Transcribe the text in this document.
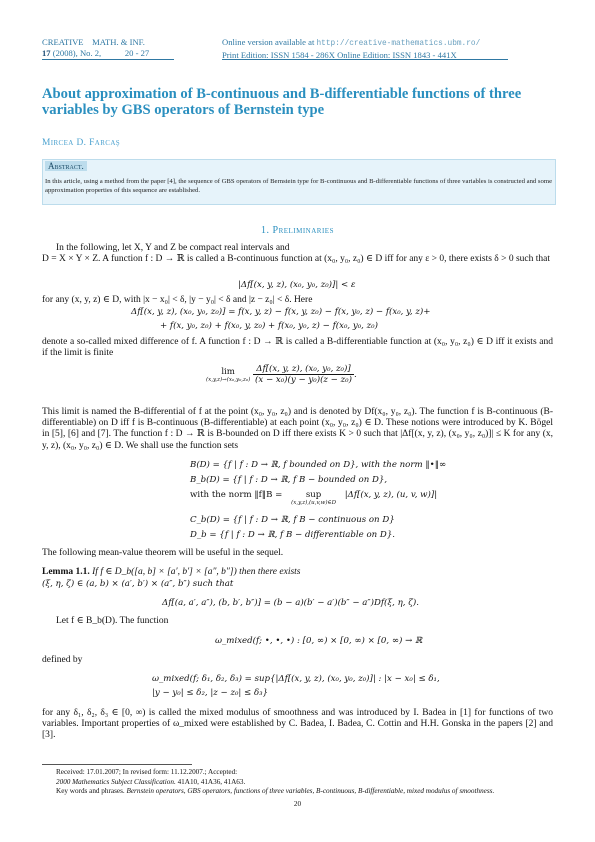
CREATIVE    MATH. & INF.
17 (2008), No. 2,           20 - 27
Online version available at http://creative-mathematics.ubm.ro/
Print Edition: ISSN 1584 - 286X Online Edition: ISSN 1843 - 441X
About approximation of B-continuous and B-differentiable functions of three variables by GBS operators of Bernstein type
Mircea D. Farcaş
Abstract.
In this article, using a method from the paper [4], the sequence of GBS operators of Bernstein type for B-continuous and B-differentiable functions of three variables is constructed and some approximation properties of this sequence are established.
1. Preliminaries
In the following, let X, Y and Z be compact real intervals and
D = X × Y × Z. A function f : D → ℝ is called a B-continuous function at (x₀, y₀, z₀) ∈ D iff for any ε > 0, there exists δ > 0 such that
|Δf[(x, y, z), (x₀, y₀, z₀)]| < ε
for any (x, y, z) ∈ D, with |x − x₀| < δ, |y − y₀| < δ and |z − z₀| < δ. Here
Δf[(x, y, z), (x₀, y₀, z₀)] = f(x, y, z) − f(x, y, z₀) − f(x, y₀, z) − f(x₀, y, z)+
+ f(x, y₀, z₀) + f(x₀, y, z₀) + f(x₀, y₀, z) − f(x₀, y₀, z₀)
denote a so-called mixed difference of f. A function f : D → ℝ is called a B-differentiable function at (x₀, y₀, z₀) ∈ D iff it exists and if the limit is finite
lim
(x,y,z)→(x₀,y₀,z₀)
$\frac{\text{Δf[(x, y, z), (x₀, y₀, z₀)]}}{\text{(x − x₀)(y − y₀)(z − z₀)}}$ .
This limit is named the B-differential of f at the point (x₀, y₀, z₀) and is denoted by Df(x₀, y₀, z₀). The function f is B-continuous (B-differentiable) on D iff f is B-continuous (B-differentiable) at each point (x₀, y₀, z₀) ∈ D. These notions were introduced by K. Bögel in [5], [6] and [7]. The function f : D → ℝ is B-bounded on D iff there exists K > 0 such that |Δf[(x, y, z), (x₀, y₀, z₀)]| ≤ K for any (x, y, z), (x₀, y₀, z₀) ∈ D. We shall use the function sets
B(D) = {f | f : D → ℝ, f bounded on D}, with the norm ‖•‖∞
B_b(D) = {f | f : D → ℝ, f B − bounded on D},
with the norm ‖f‖B =	sup
(x,y,z),(u,v,w)∈D
|Δf[(x, y, z), (u, v, w)]|
C_b(D) = {f | f : D → ℝ, f B − continuous on D}
D_b = {f | f : D → ℝ, f B − differentiable on D}.
The following mean-value theorem will be useful in the sequel.
Lemma 1.1. If f ∈ D_b([a, b] × [a′, b′] × [a″, b″]) then there exists
(ξ, η, ζ) ∈ (a, b) × (a′, b′) × (a″, b″) such that
Δf[(a, a′, a″), (b, b′, b″)] = (b − a)(b′ − a′)(b″ − a″)Df(ξ, η, ζ).
Let f ∈ B_b(D). The function
ω_mixed(f; •, •, •) : [0, ∞) × [0, ∞) × [0, ∞) → ℝ
defined by
ω_mixed(f; δ₁, δ₂, δ₃) = sup{|Δf[(x, y, z), (x₀, y₀, z₀)]| : |x − x₀| ≤ δ₁,
|y − y₀| ≤ δ₂, |z − z₀| ≤ δ₃}
for any δ₁, δ₂, δ₃ ∈ [0, ∞) is called the mixed modulus of smoothness and was introduced by I. Badea in [1] for functions of two variables. Important properties of ω_mixed were established by C. Badea, I. Badea, C. Cottin and H.H. Gonska in the papers [2] and [3].
Received: 17.01.2007; In revised form: 11.12.2007.; Accepted:
2000 Mathematics Subject Classification. 41A10, 41A36, 41A63.
Key words and phrases. Bernstein operators, GBS operators, functions of three variables, B-continuous, B-differentiable, mixed modulus of smoothness.
20
